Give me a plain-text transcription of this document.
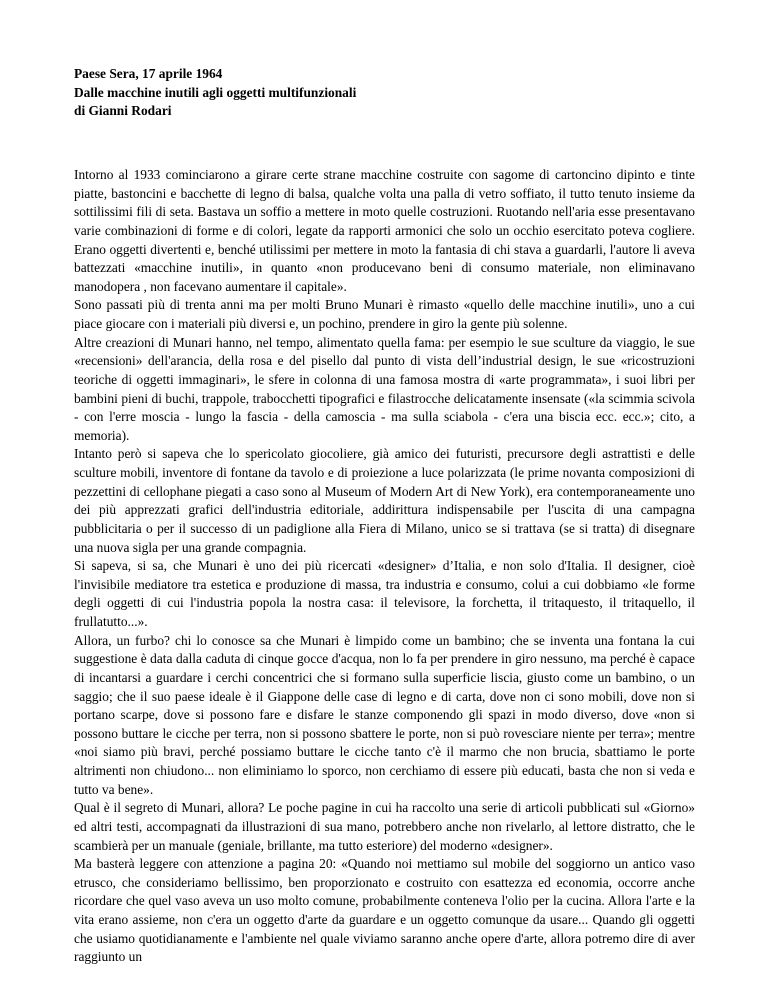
Paese Sera, 17 aprile 1964
Dalle macchine inutili agli oggetti multifunzionali
di Gianni Rodari

Intorno al 1933 cominciarono a girare certe strane macchine costruite con sagome di cartoncino dipinto e tinte piatte, bastoncini e bacchette di legno di balsa, qualche volta una palla di vetro soffiato, il tutto tenuto insieme da sottilissimi fili di seta. Bastava un soffio a mettere in moto quelle costruzioni. Ruotando nell'aria esse presentavano varie combinazioni di forme e di colori, legate da rapporti armonici che solo un occhio esercitato poteva cogliere. Erano oggetti divertenti e, benché utilissimi per mettere in moto la fantasia di chi stava a guardarli, l'autore li aveva battezzati «macchine inutili», in quanto «non producevano beni di consumo materiale, non eliminavano manodopera , non facevano aumentare il capitale».

Sono passati più di trenta anni ma per molti Bruno Munari è rimasto «quello delle macchine inutili», uno a cui piace giocare con i materiali più diversi e, un pochino, prendere in giro la gente più solenne.

Altre creazioni di Munari hanno, nel tempo, alimentato quella fama: per esempio le sue sculture da viaggio, le sue «recensioni» dell'arancia, della rosa e del pisello dal punto di vista dell’industrial design, le sue «ricostruzioni teoriche di oggetti immaginari», le sfere in colonna di una famosa mostra di «arte programmata», i suoi libri per bambini pieni di buchi, trappole, trabocchetti tipografici e filastrocche delicatamente insensate («la scimmia scivola - con l'erre moscia - lungo la fascia - della camoscia - ma sulla sciabola - c'era una biscia ecc. ecc.»; cito, a memoria).

Intanto però si sapeva che lo spericolato giocoliere, già amico dei futuristi, precursore degli astrattisti e delle sculture mobili, inventore di fontane da tavolo e di proiezione a luce polarizzata (le prime novanta composizioni di pezzettini di cellophane piegati a caso sono al Museum of Modern Art di New York), era contemporaneamente uno dei più apprezzati grafici dell'industria editoriale, addirittura indispensabile per l'uscita di una campagna pubblicitaria o per il successo di un padiglione alla Fiera di Milano, unico se si trattava (se si tratta) di disegnare una nuova sigla per una grande compagnia.

Si sapeva, si sa, che Munari è uno dei più ricercati «designer» d’Italia, e non solo d'Italia. Il designer, cioè l'invisibile mediatore tra estetica e produzione di massa, tra industria e consumo, colui a cui dobbiamo «le forme degli oggetti di cui l'industria popola la nostra casa: il televisore, la forchetta, il tritaquesto, il tritaquello, il frullatutto...».

Allora, un furbo? chi lo conosce sa che Munari è limpido come un bambino; che se inventa una fontana la cui suggestione è data dalla caduta di cinque gocce d'acqua, non lo fa per prendere in giro nessuno, ma perché è capace di incantarsi a guardare i cerchi concentrici che si formano sulla superficie liscia, giusto come un bambino, o un saggio; che il suo paese ideale è il Giappone delle case di legno e di carta, dove non ci sono mobili, dove non si portano scarpe, dove si possono fare e disfare le stanze componendo gli spazi in modo diverso, dove «non si possono buttare le cicche per terra, non si possono sbattere le porte, non si può rovesciare niente per terra»; mentre «noi siamo più bravi, perché possiamo buttare le cicche tanto c'è il marmo che non brucia, sbattiamo le porte altrimenti non chiudono... non eliminiamo lo sporco, non cerchiamo di essere più educati, basta che non si veda e tutto va bene».

Qual è il segreto di Munari, allora? Le poche pagine in cui ha raccolto una serie di articoli pubblicati sul «Giorno» ed altri testi, accompagnati da illustrazioni di sua mano, potrebbero anche non rivelarlo, al lettore distratto, che le scambierà per un manuale (geniale, brillante, ma tutto esteriore) del moderno «designer».

Ma basterà leggere con attenzione a pagina 20: «Quando noi mettiamo sul mobile del soggiorno un antico vaso etrusco, che consideriamo bellissimo, ben proporzionato e costruito con esattezza ed economia, occorre anche ricordare che quel vaso aveva un uso molto comune, probabilmente conteneva l'olio per la cucina. Allora l'arte e la vita erano assieme, non c'era un oggetto d'arte da guardare e un oggetto comunque da usare... Quando gli oggetti che usiamo quotidianamente e l'ambiente nel quale viviamo saranno anche opere d'arte, allora potremo dire di aver raggiunto un
